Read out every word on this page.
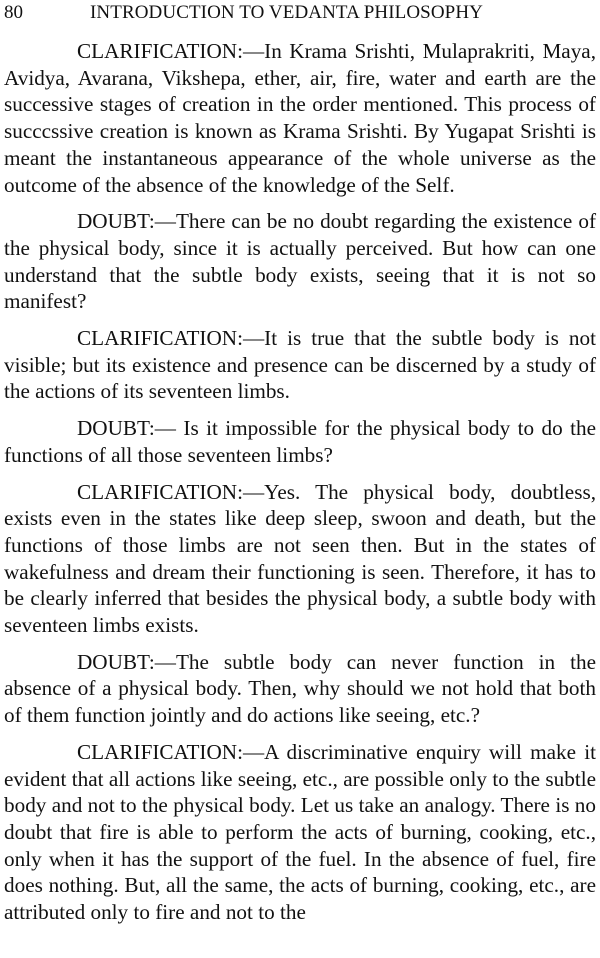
80	INTRODUCTION TO VEDANTA PHILOSOPHY

CLARIFICATION:—In Krama Srishti, Mulaprakriti, Maya, Avidya, Avarana, Vikshepa, ether, air, fire, water and earth are the successive stages of creation in the order mentioned. This process of succcssive creation is known as Krama Srishti. By Yugapat Srishti is meant the instantaneous appearance of the whole universe as the outcome of the absence of the knowledge of the Self.

DOUBT:—There can be no doubt regarding the existence of the physical body, since it is actually perceived. But how can one understand that the subtle body exists, seeing that it is not so manifest?

CLARIFICATION:—It is true that the subtle body is not visible; but its existence and presence can be discerned by a study of the actions of its seventeen limbs.

DOUBT:— Is it impossible for the physical body to do the functions of all those seventeen limbs?

CLARIFICATION:—Yes. The physical body, doubtless, exists even in the states like deep sleep, swoon and death, but the functions of those limbs are not seen then. But in the states of wakefulness and dream their functioning is seen. Therefore, it has to be clearly inferred that besides the physical body, a subtle body with seventeen limbs exists.

DOUBT:—The subtle body can never function in the absence of a physical body. Then, why should we not hold that both of them function jointly and do actions like seeing, etc.?

CLARIFICATION:—A discriminative enquiry will make it evident that all actions like seeing, etc., are possible only to the subtle body and not to the physical body. Let us take an analogy. There is no doubt that fire is able to perform the acts of burning, cooking, etc., only when it has the support of the fuel. In the absence of fuel, fire does nothing. But, all the same, the acts of burning, cooking, etc., are attributed only to fire and not to the
